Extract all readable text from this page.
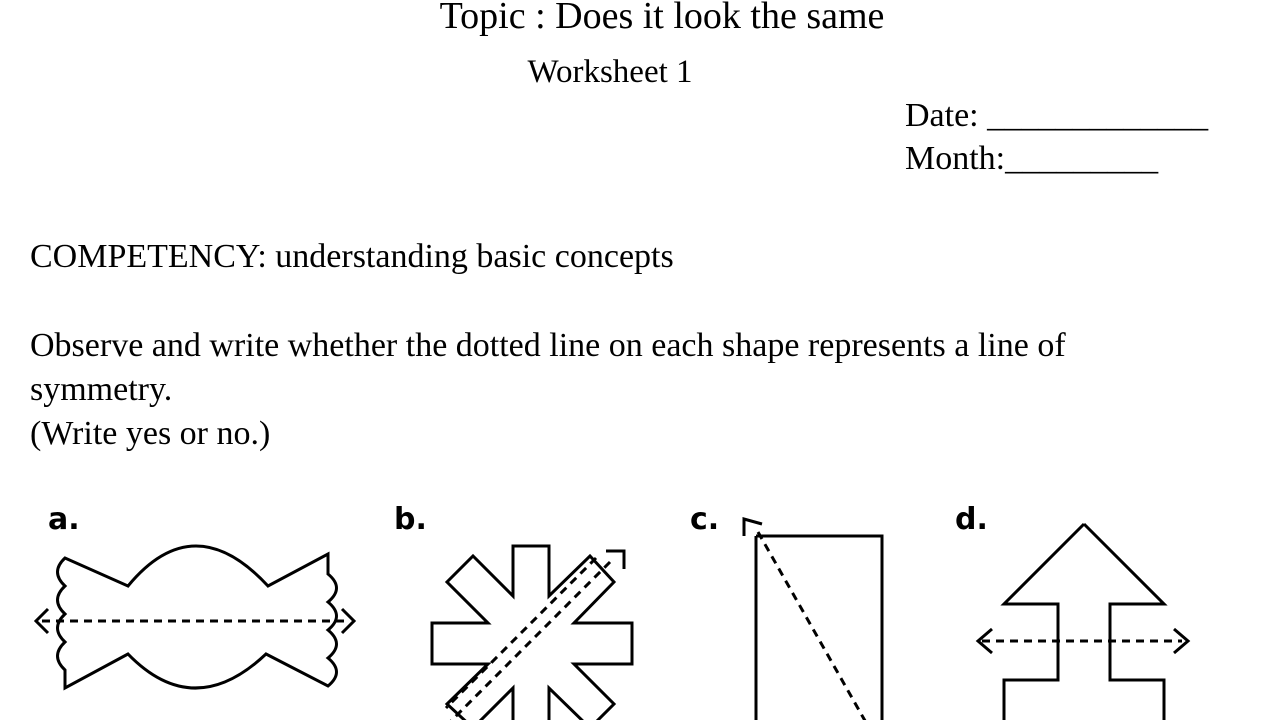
Topic : Does it look the same
Worksheet 1
Date: _____________
Month:_________
COMPETENCY: understanding basic concepts
Observe and write whether the dotted line on each shape represents a line of
symmetry.
(Write yes or no.)
a.	b.	c.	d.
